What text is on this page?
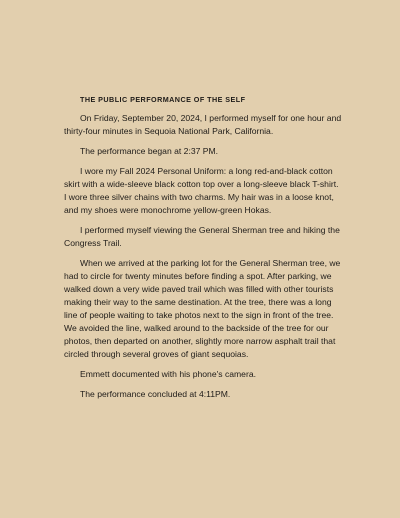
THE PUBLIC PERFORMANCE OF THE SELF

On Friday, September 20, 2024, I performed myself for one hour and thirty-four minutes in Sequoia National Park, California.

The performance began at 2:37 PM.

I wore my Fall 2024 Personal Uniform: a long red-and-black cotton skirt with a wide-sleeve black cotton top over a long-sleeve black T-shirt. I wore three silver chains with two charms. My hair was in a loose knot, and my shoes were monochrome yellow-green Hokas.

I performed myself viewing the General Sherman tree and hiking the Congress Trail.

When we arrived at the parking lot for the General Sherman tree, we had to circle for twenty minutes before finding a spot. After parking, we walked down a very wide paved trail which was filled with other tourists making their way to the same destination. At the tree, there was a long line of people waiting to take photos next to the sign in front of the tree. We avoided the line, walked around to the backside of the tree for our photos, then departed on another, slightly more narrow asphalt trail that circled through several groves of giant sequoias.

Emmett documented with his phone's camera.

The performance concluded at 4:11PM.
